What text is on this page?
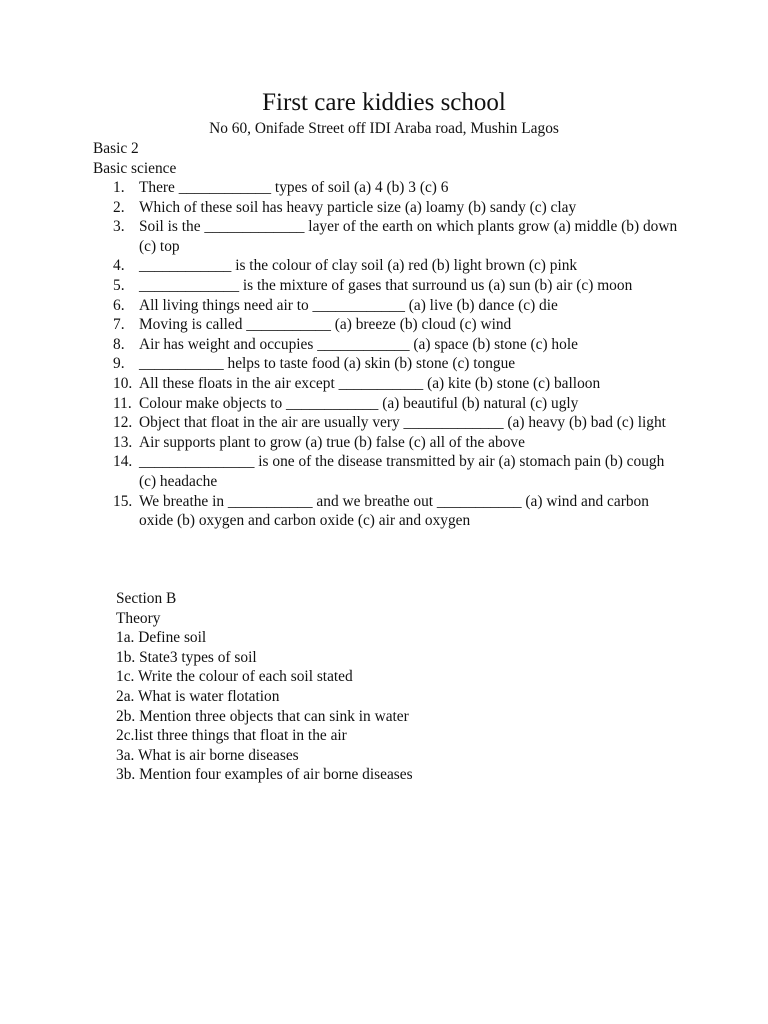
First care kiddies school
No 60, Onifade Street off IDI Araba road, Mushin Lagos
Basic 2
Basic science
1. There ____________ types of soil (a) 4 (b) 3 (c) 6
2. Which of these soil has heavy particle size (a) loamy (b) sandy (c) clay
3. Soil is the _____________ layer of the earth on which plants grow (a) middle (b) down (c) top
4. ____________ is the colour of clay soil (a) red (b) light brown (c) pink
5. _____________ is the mixture of gases that surround us (a) sun (b) air (c) moon
6. All living things need air to ____________ (a) live (b) dance (c) die
7. Moving is called ___________ (a) breeze (b) cloud (c) wind
8. Air has weight and occupies ____________ (a) space (b) stone (c) hole
9. ___________ helps to taste food (a) skin (b) stone (c) tongue
10. All these floats in the air except ___________ (a) kite (b) stone (c) balloon
11. Colour make objects to ____________ (a) beautiful (b) natural (c) ugly
12. Object that float in the air are usually very _____________ (a) heavy (b) bad (c) light
13. Air supports plant to grow (a) true (b) false (c) all of the above
14. _______________ is one of the disease transmitted by air (a) stomach pain (b) cough (c) headache
15. We breathe in ___________ and we breathe out ___________ (a) wind and carbon oxide (b) oxygen and carbon oxide (c) air and oxygen
Section B
Theory
1a. Define soil
1b. State3 types of soil
1c. Write the colour of each soil stated
2a. What is water flotation
2b. Mention three objects that can sink in water
2c.list three things that float in the air
3a. What is air borne diseases
3b. Mention four examples of air borne diseases
